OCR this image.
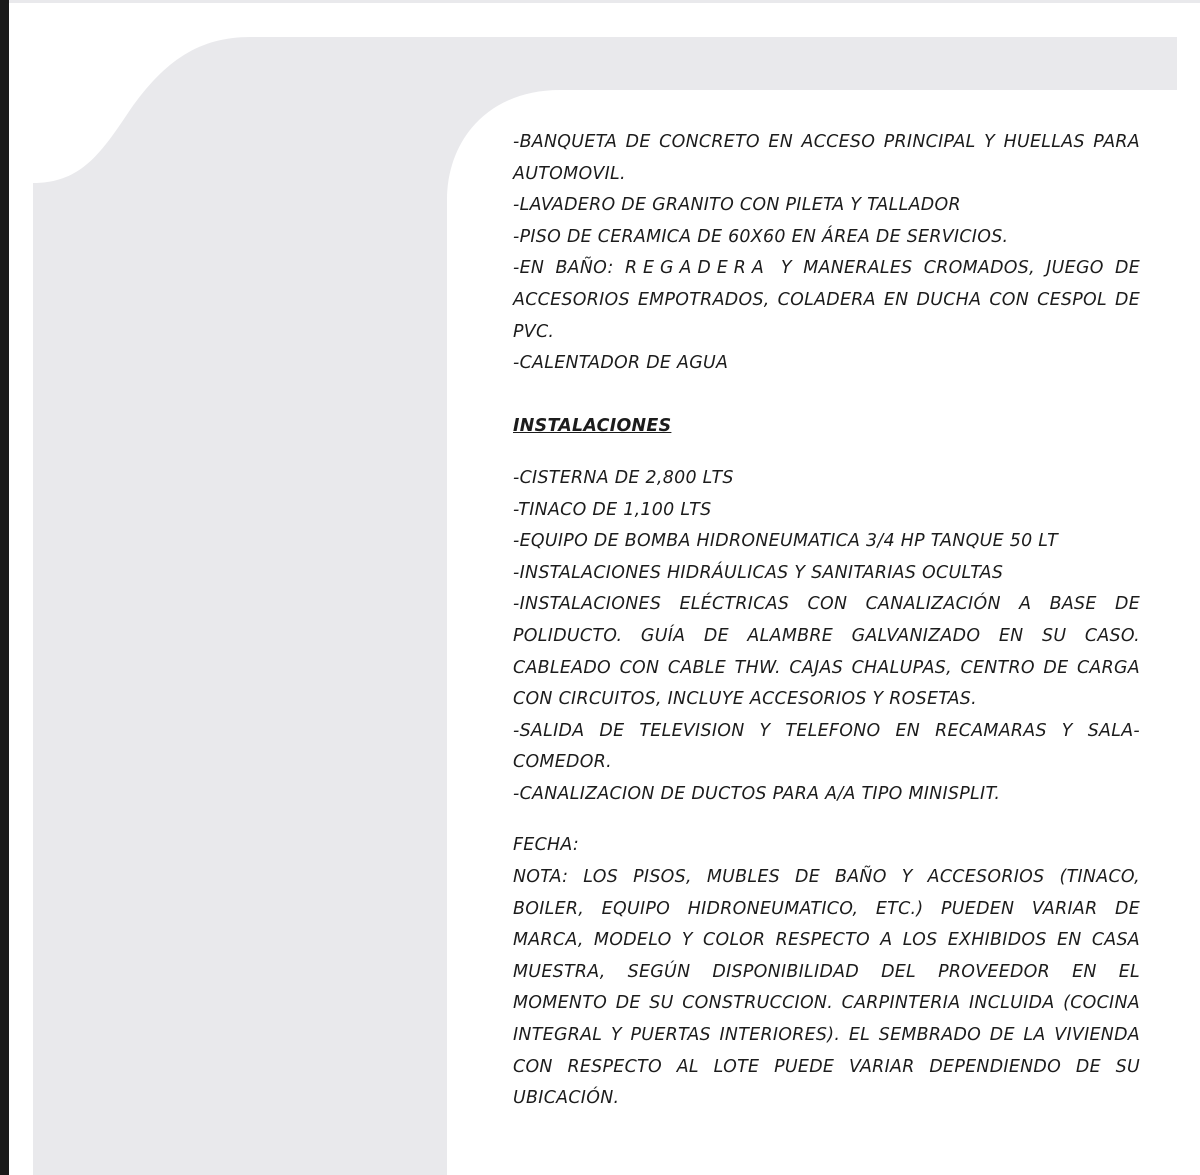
-BANQUETA DE CONCRETO EN ACCESO PRINCIPAL Y HUELLAS PARA AUTOMOVIL.

-LAVADERO DE GRANITO CON PILETA Y TALLADOR

-PISO DE CERAMICA DE 60X60 EN ÁREA DE SERVICIOS.

-EN BAÑO: REGADERA Y MANERALES CROMADOS, JUEGO DE ACCESORIOS EMPOTRADOS, COLADERA EN DUCHA CON CESPOL DE PVC.

-CALENTADOR DE AGUA

INSTALACIONES

-CISTERNA DE 2,800 LTS

-TINACO DE 1,100 LTS

-EQUIPO DE BOMBA HIDRONEUMATICA 3/4 HP TANQUE 50 LT

-INSTALACIONES HIDRÁULICAS Y SANITARIAS OCULTAS

-INSTALACIONES ELÉCTRICAS CON CANALIZACIÓN A BASE DE POLIDUCTO. GUÍA DE ALAMBRE GALVANIZADO EN SU CASO. CABLEADO CON CABLE THW. CAJAS CHALUPAS, CENTRO DE CARGA CON CIRCUITOS, INCLUYE ACCESORIOS Y ROSETAS.

-SALIDA DE TELEVISION Y TELEFONO EN RECAMARAS Y SALA-COMEDOR.

-CANALIZACION DE DUCTOS PARA A/A TIPO MINISPLIT.

FECHA:

NOTA: LOS PISOS, MUBLES DE BAÑO Y ACCESORIOS (TINACO, BOILER, EQUIPO HIDRONEUMATICO, ETC.) PUEDEN VARIAR DE MARCA, MODELO Y COLOR RESPECTO A LOS EXHIBIDOS EN CASA MUESTRA, SEGÚN DISPONIBILIDAD DEL PROVEEDOR EN EL MOMENTO DE SU CONSTRUCCION. CARPINTERIA INCLUIDA (COCINA INTEGRAL Y PUERTAS INTERIORES). EL SEMBRADO DE LA VIVIENDA CON RESPECTO AL LOTE PUEDE VARIAR DEPENDIENDO DE SU UBICACIÓN.
